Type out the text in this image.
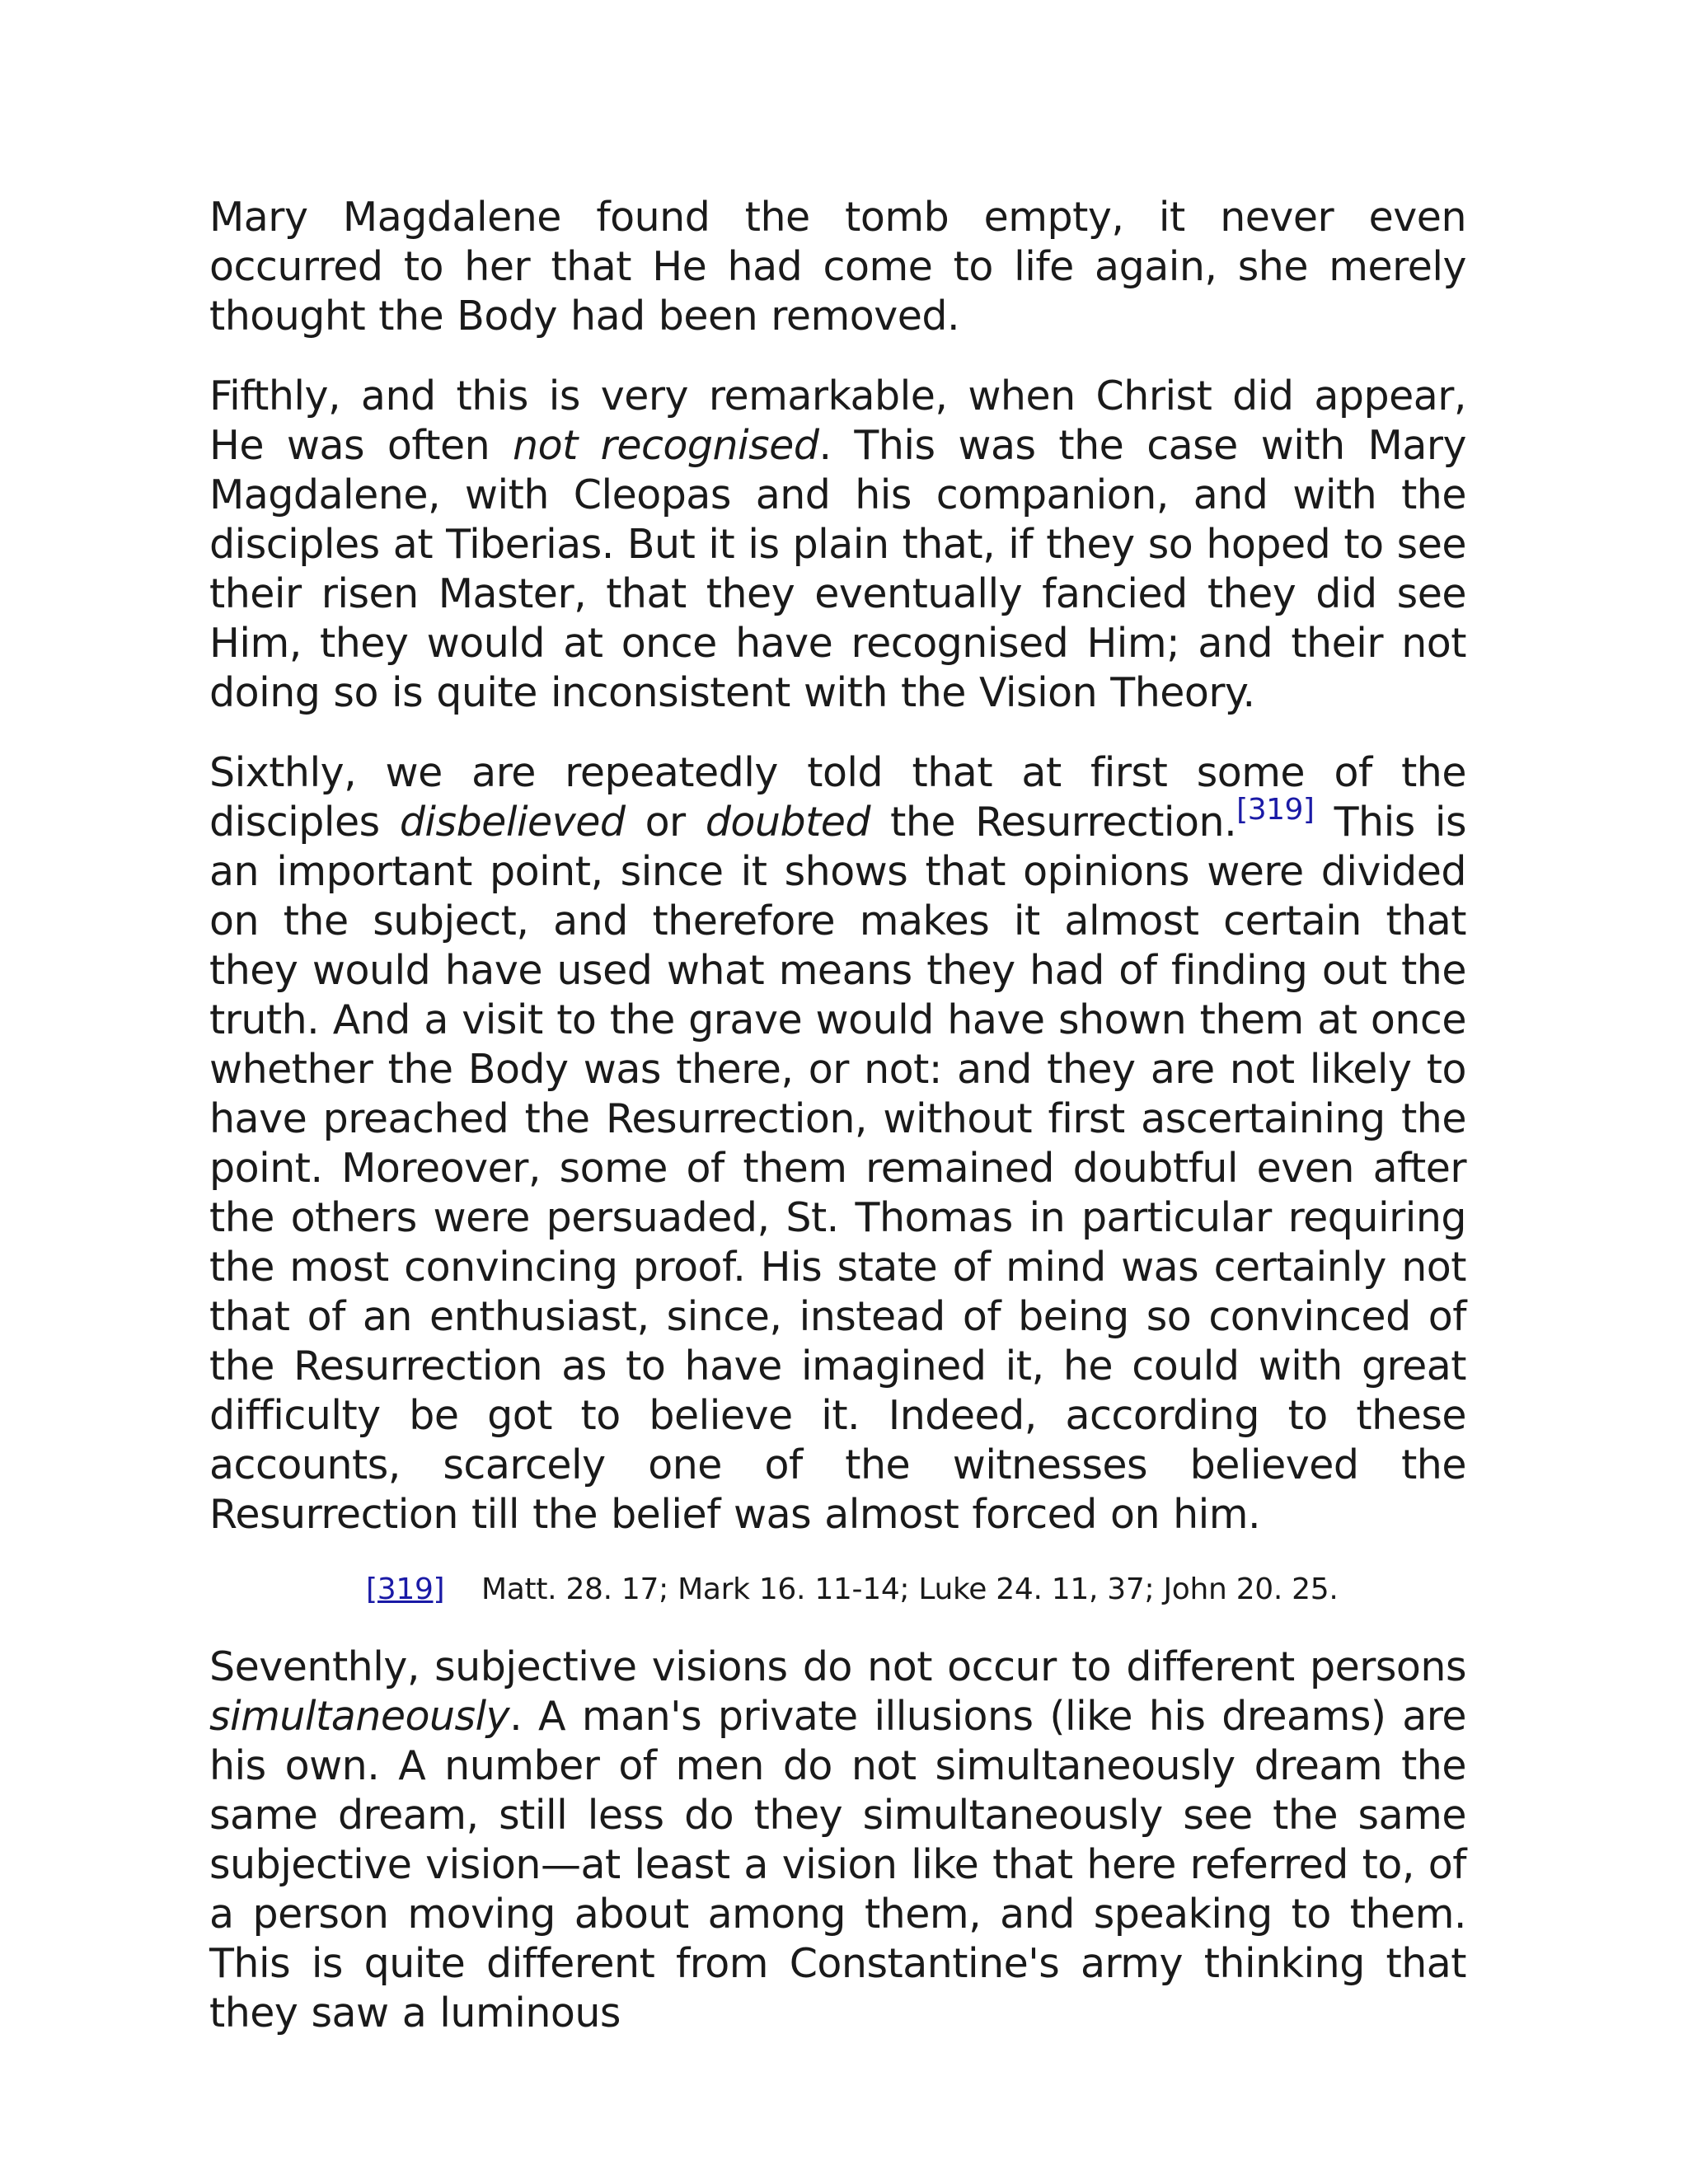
Mary Magdalene found the tomb empty, it never even occurred to her that He had come to life again, she merely thought the Body had been removed.

Fifthly, and this is very remarkable, when Christ did appear, He was often not recognised. This was the case with Mary Magdalene, with Cleopas and his companion, and with the disciples at Tiberias. But it is plain that, if they so hoped to see their risen Master, that they eventually fancied they did see Him, they would at once have recognised Him; and their not doing so is quite inconsistent with the Vision Theory.

Sixthly, we are repeatedly told that at first some of the disciples disbelieved or doubted the Resurrection.[319] This is an important point, since it shows that opinions were divided on the subject, and therefore makes it almost certain that they would have used what means they had of finding out the truth. And a visit to the grave would have shown them at once whether the Body was there, or not: and they are not likely to have preached the Resurrection, without first ascertaining the point. Moreover, some of them remained doubtful even after the others were persuaded, St. Thomas in particular requiring the most convincing proof. His state of mind was certainly not that of an enthusiast, since, instead of being so convinced of the Resurrection as to have imagined it, he could with great difficulty be got to believe it. Indeed, according to these accounts, scarcely one of the witnesses believed the Resurrection till the belief was almost forced on him.

[319] Matt. 28. 17; Mark 16. 11-14; Luke 24. 11, 37; John 20. 25.

Seventhly, subjective visions do not occur to different persons simultaneously. A man's private illusions (like his dreams) are his own. A number of men do not simultaneously dream the same dream, still less do they simultaneously see the same subjective vision—at least a vision like that here referred to, of a person moving about among them, and speaking to them. This is quite different from Constantine's army thinking that they saw a luminous
